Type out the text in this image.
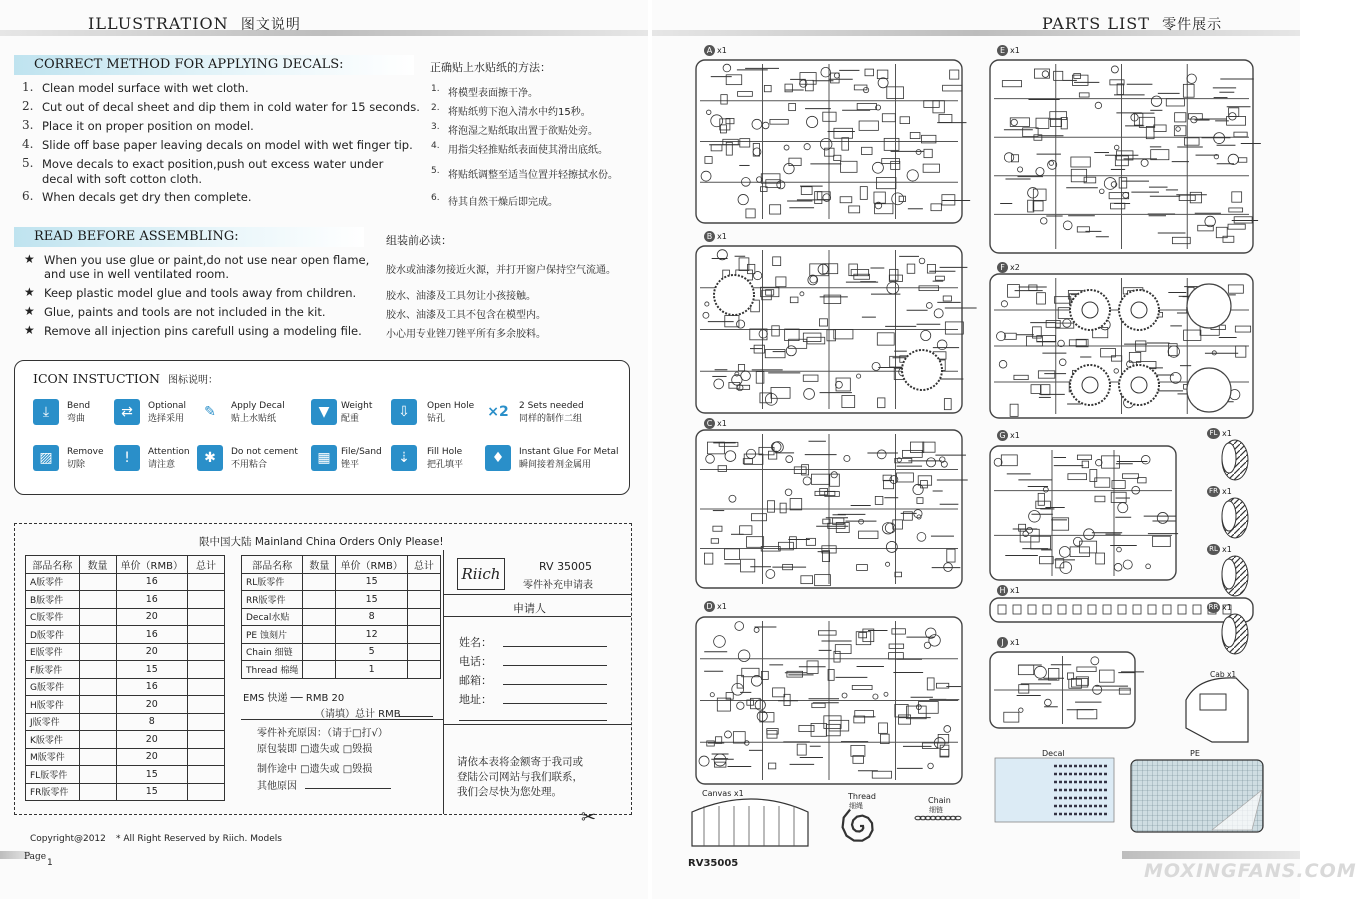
ILLUSTRATION 图文说明
CORRECT METHOD FOR APPLYING DECALS:	正确贴上水贴纸的方法：
1. Clean model surface with wet cloth.
2. Cut out of decal sheet and dip them in cold water for 15 seconds.
3. Place it on proper position on model.
4. Slide off base paper leaving decals on model with wet finger tip.
5. Move decals to exact position,push out excess water under
6. When decals get dry then complete.
decal with soft cotton cloth.
1. 将模型表面擦干净。
2. 将贴纸剪下泡入清水中约15秒。
3. 将泡湿之贴纸取出置于欲贴处旁。
4. 用指尖轻推贴纸表面使其滑出底纸。
5. 将贴纸调整至适当位置并轻擦拭水份。
6. 待其自然干燥后即完成。
READ BEFORE ASSEMBLING:	组装前必读：
★ When you use glue or paint,do not use near open flame,
★ Keep plastic model glue and tools away from children.
★ Glue, paints and tools are not included in the kit.
★ Remove all injection pins carefull using a modeling file.
and use in well ventilated room.	胶水或油漆勿接近火源，并打开窗户保持空气流通。
胶水、油漆及工具勿让小孩接触。
胶水、油漆及工具不包含在模型内。
小心用专业锉刀锉平所有多余胶料。
ICON INSTUCTION 图标说明：
⤓	Bend
弯曲	⇄	Optional
选择采用	✎	Apply Decal
贴上水贴纸	▼	Weight
配重	⇩	Open Hole
钻孔	×2 2 Sets needed
同样的制作二组
▨	Remove
切除	!	Attention
请注意	✱	Do not cement
不用粘合	▦	File/Sand
锉平	⇣	Fill Hole
把孔填平	♦	Instant Glue For Metal
瞬间接着剂金属用
限中国大陆 Mainland China Orders Only Please!
部品名称	数量	单价（RMB）	总计
A版零件		16	
B版零件		16	
C版零件		20	
D版零件		16	
E版零件		20	
F版零件		15	
G版零件		16	
H版零件		20	
J版零件		8	
K版零件		20	
M版零件		20	
FL版零件		15	
FR版零件		15	
部品名称	数量	单价（RMB）	总计
RL版零件		15	
RR版零件		15	
Decal水贴		8	
PE 蚀刻片		12	
Chain 细链		5	
Thread 棉绳		1	
EMS 快递 ── RMB 20
（请填）总计 RMB
零件补充原因：（请于□打√）
原包装即 □遗失或 □毁损
制作途中 □遗失或 □毁损
其他原因
Riich	RV 35005
零件补充申请表
申请人
姓名：
电话：
邮箱：
地址：
请依本表将金额寄于我司或
登陆公司网站与我们联系，
我们会尽快为您处理。
✂
Copyright@2012 * All Right Reserved by Riich. Models
Page
1
PARTS LIST 零件展示
A x1
B x1
C x1
D x1
E x1
F x2
G x1
H x1
J x1
FL x1
FR x1
RL x1
RR x1
Cab x1
Decal	PE
Canvas x1	Thread
细绳
Chain
细链
RV35005	MOXINGFANS.COM
